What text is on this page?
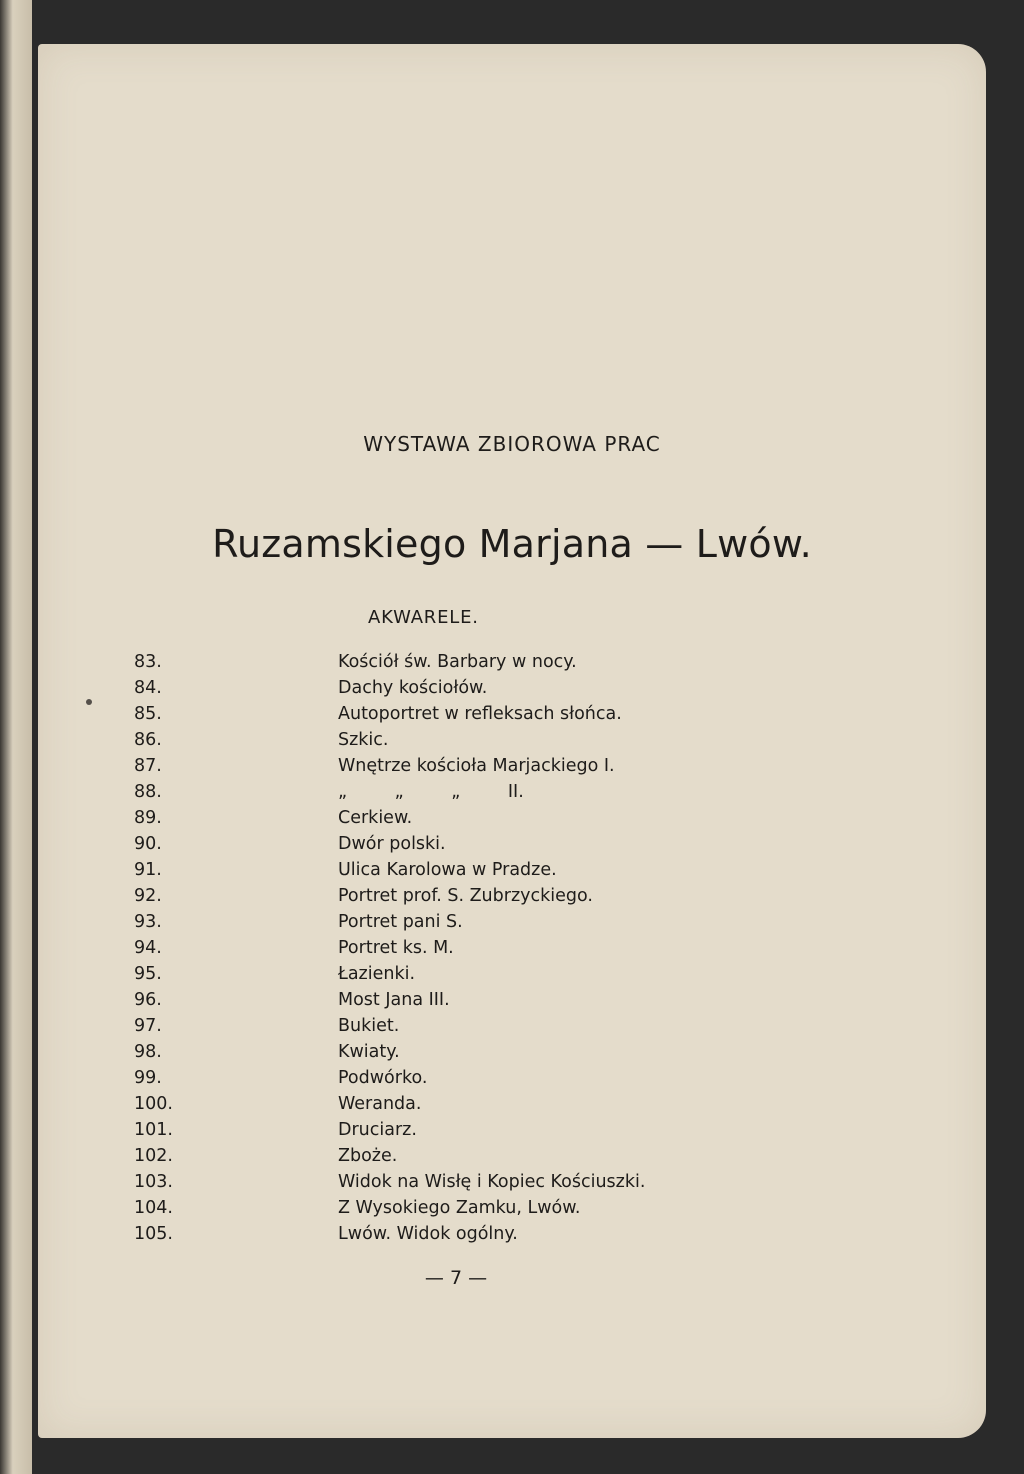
WYSTAWA ZBIOROWA PRAC
Ruzamskiego Marjana — Lwów.
AKWARELE.
83.	Kościół św. Barbary w nocy.
84.	Dachy kościołów.
85.	Autoportret w refleksach słońca.
86.	Szkic.
87.	Wnętrze kościoła Marjackiego I.
88.	„ „ „ II.
89.	Cerkiew.
90.	Dwór polski.
91.	Ulica Karolowa w Pradze.
92.	Portret prof. S. Zubrzyckiego.
93.	Portret pani S.
94.	Portret ks. M.
95.	Łazienki.
96.	Most Jana III.
97.	Bukiet.
98.	Kwiaty.
99.	Podwórko.
100.	Weranda.
101.	Druciarz.
102.	Zboże.
103.	Widok na Wisłę i Kopiec Kościuszki.
104.	Z Wysokiego Zamku, Lwów.
105.	Lwów. Widok ogólny.
— 7 —
